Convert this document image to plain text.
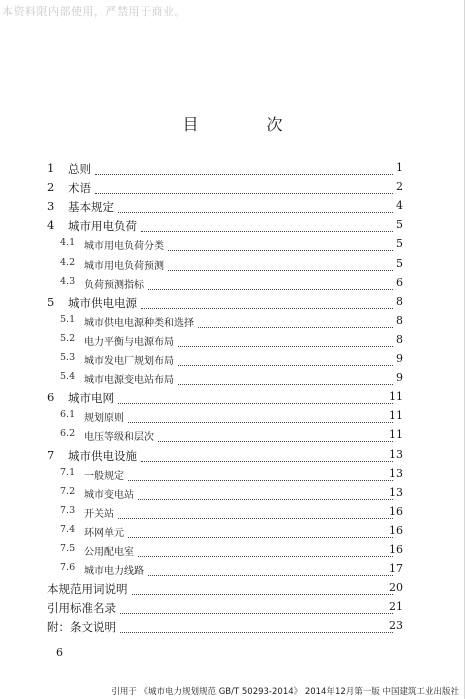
本资料限内部使用，严禁用于商业。
目　次
1 总则	1
2 术语	2
3 基本规定	4
4 城市用电负荷	5
4.1 城市用电负荷分类	5
4.2 城市用电负荷预测	5
4.3 负荷预测指标	6
5 城市供电电源	8
5.1 城市供电电源种类和选择	8
5.2 电力平衡与电源布局	8
5.3 城市发电厂规划布局	9
5.4 城市电源变电站布局	9
6 城市电网	11
6.1 规划原则	11
6.2 电压等级和层次	11
7 城市供电设施	13
7.1 一般规定	13
7.2 城市变电站	13
7.3 开关站	16
7.4 环网单元	16
7.5 公用配电室	16
7.6 城市电力线路	17
本规范用词说明	20
引用标准名录	21
附：条文说明	23
6
引用于 《城市电力规划规范 GB/T 50293-2014》 2014年12月第一版 中国建筑工业出版社
